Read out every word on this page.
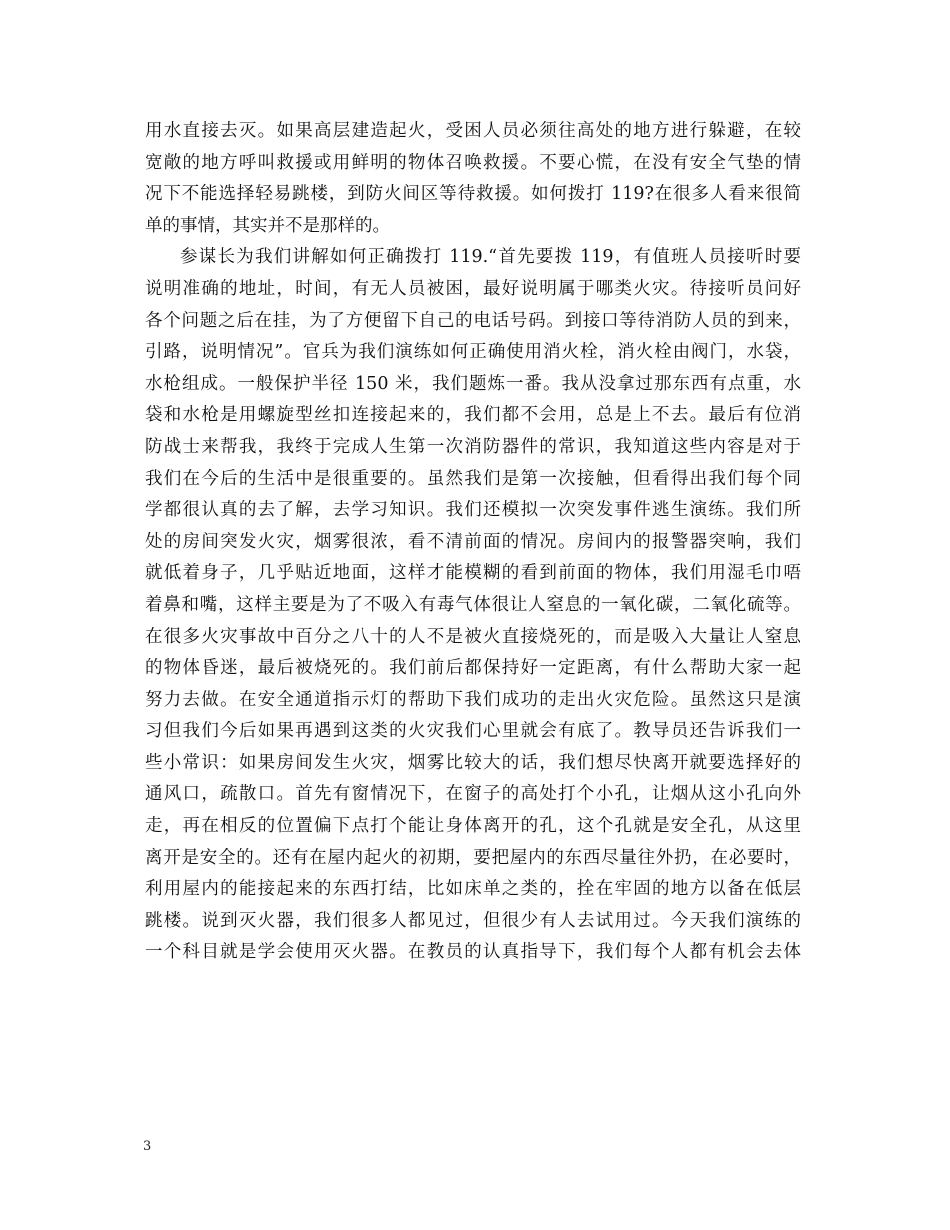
用水直接去灭。如果高层建造起火，受困人员必须往高处的地方进行躲避，在较
宽敞的地方呼叫救援或用鲜明的物体召唤救援。不要心慌，在没有安全气垫的情
况下不能选择轻易跳楼，到防火间区等待救援。如何拨打 119?在很多人看来很简
单的事情，其实并不是那样的。
参谋长为我们讲解如何正确拨打 119.“首先要拨 119，有值班人员接听时要
说明准确的地址，时间，有无人员被困，最好说明属于哪类火灾。待接听员问好
各个问题之后在挂，为了方便留下自己的电话号码。到接口等待消防人员的到来，
引路，说明情况”。官兵为我们演练如何正确使用消火栓，消火栓由阀门，水袋，
水枪组成。一般保护半径 150 米，我们题炼一番。我从没拿过那东西有点重，水
袋和水枪是用螺旋型丝扣连接起来的，我们都不会用，总是上不去。最后有位消
防战士来帮我，我终于完成人生第一次消防器件的常识，我知道这些内容是对于
我们在今后的生活中是很重要的。虽然我们是第一次接触，但看得出我们每个同
学都很认真的去了解，去学习知识。我们还模拟一次突发事件逃生演练。我们所
处的房间突发火灾，烟雾很浓，看不清前面的情况。房间内的报警器突响，我们
就低着身子，几乎贴近地面，这样才能模糊的看到前面的物体，我们用湿毛巾唔
着鼻和嘴，这样主要是为了不吸入有毒气体很让人窒息的一氧化碳，二氧化硫等。
在很多火灾事故中百分之八十的人不是被火直接烧死的，而是吸入大量让人窒息
的物体昏迷，最后被烧死的。我们前后都保持好一定距离，有什么帮助大家一起
努力去做。在安全通道指示灯的帮助下我们成功的走出火灾危险。虽然这只是演
习但我们今后如果再遇到这类的火灾我们心里就会有底了。教导员还告诉我们一
些小常识：如果房间发生火灾，烟雾比较大的话，我们想尽快离开就要选择好的
通风口，疏散口。首先有窗情况下，在窗子的高处打个小孔，让烟从这小孔向外
走，再在相反的位置偏下点打个能让身体离开的孔，这个孔就是安全孔，从这里
离开是安全的。还有在屋内起火的初期，要把屋内的东西尽量往外扔，在必要时，
利用屋内的能接起来的东西打结，比如床单之类的，拴在牢固的地方以备在低层
跳楼。说到灭火器，我们很多人都见过，但很少有人去试用过。今天我们演练的
一个科目就是学会使用灭火器。在教员的认真指导下，我们每个人都有机会去体
3
